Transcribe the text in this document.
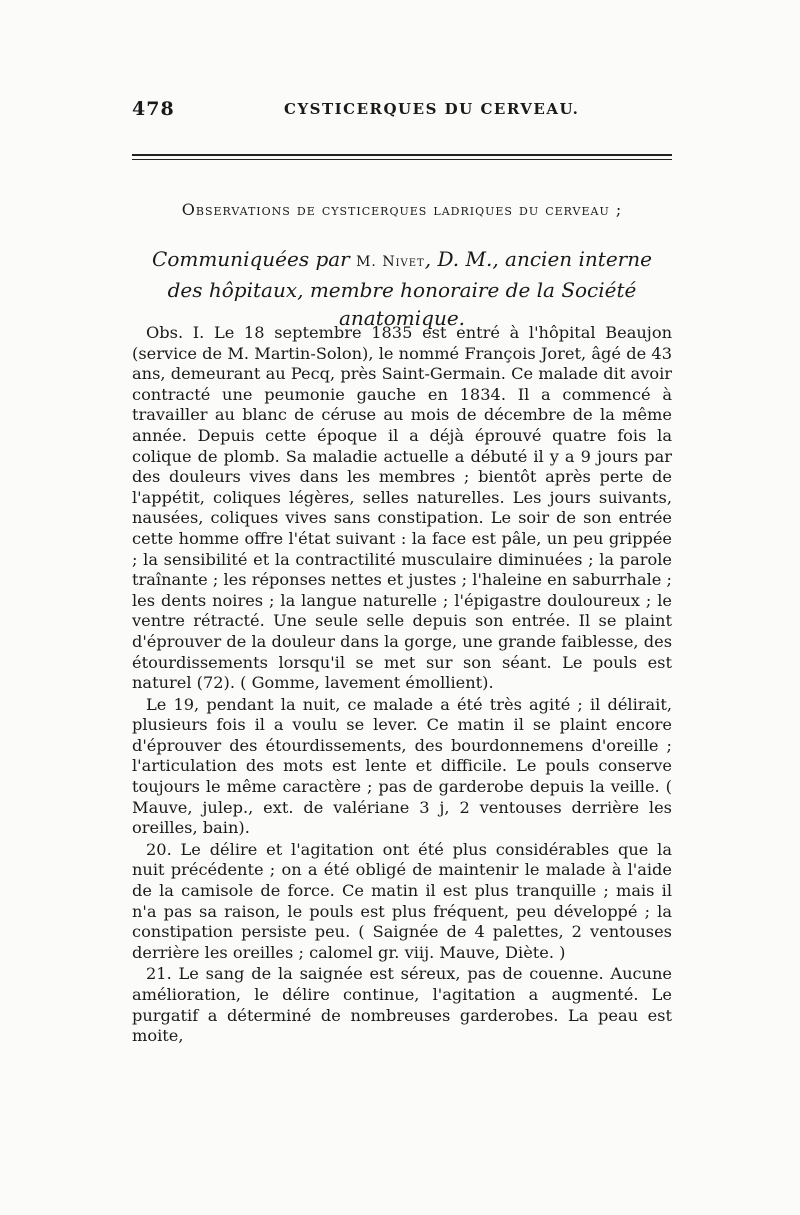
478	CYSTICERQUES DU CERVEAU.
Observations de cysticerques ladriques du cerveau ;
Communiquées par M. Nivet, D. M., ancien interne des hôpitaux, membre honoraire de la Société anatomique.

Obs. I. Le 18 septembre 1835 est entré à l'hôpital Beaujon (service de M. Martin-Solon), le nommé François Joret, âgé de 43 ans, demeurant au Pecq, près Saint-Germain. Ce malade dit avoir contracté une peumonie gauche en 1834. Il a commencé à travailler au blanc de céruse au mois de décembre de la même année. Depuis cette époque il a déjà éprouvé quatre fois la colique de plomb. Sa maladie actuelle a débuté il y a 9 jours par des douleurs vives dans les membres ; bientôt après perte de l'appétit, coliques légères, selles naturelles. Les jours suivants, nausées, coliques vives sans constipation. Le soir de son entrée cette homme offre l'état suivant : la face est pâle, un peu grippée ; la sensibilité et la contractilité musculaire diminuées ; la parole traînante ; les réponses nettes et justes ; l'haleine en saburrhale ; les dents noires ; la langue naturelle ; l'épigastre douloureux ; le ventre rétracté. Une seule selle depuis son entrée. Il se plaint d'éprouver de la douleur dans la gorge, une grande faiblesse, des étourdissements lorsqu'il se met sur son séant. Le pouls est naturel (72). ( Gomme, lavement émollient).

Le 19, pendant la nuit, ce malade a été très agité ; il délirait, plusieurs fois il a voulu se lever. Ce matin il se plaint encore d'éprouver des étourdissements, des bourdonnemens d'oreille ; l'articulation des mots est lente et difficile. Le pouls conserve toujours le même caractère ; pas de garderobe depuis la veille. ( Mauve, julep., ext. de valériane 3 j, 2 ventouses derrière les oreilles, bain).

20. Le délire et l'agitation ont été plus considérables que la nuit précédente ; on a été obligé de maintenir le malade à l'aide de la camisole de force. Ce matin il est plus tranquille ; mais il n'a pas sa raison, le pouls est plus fréquent, peu développé ; la constipation persiste peu. ( Saignée de 4 palettes, 2 ventouses derrière les oreilles ; calomel gr. viij. Mauve, Diète. )

21. Le sang de la saignée est séreux, pas de couenne. Aucune amélioration, le délire continue, l'agitation a augmenté. Le purgatif a déterminé de nombreuses garderobes. La peau est moite,
